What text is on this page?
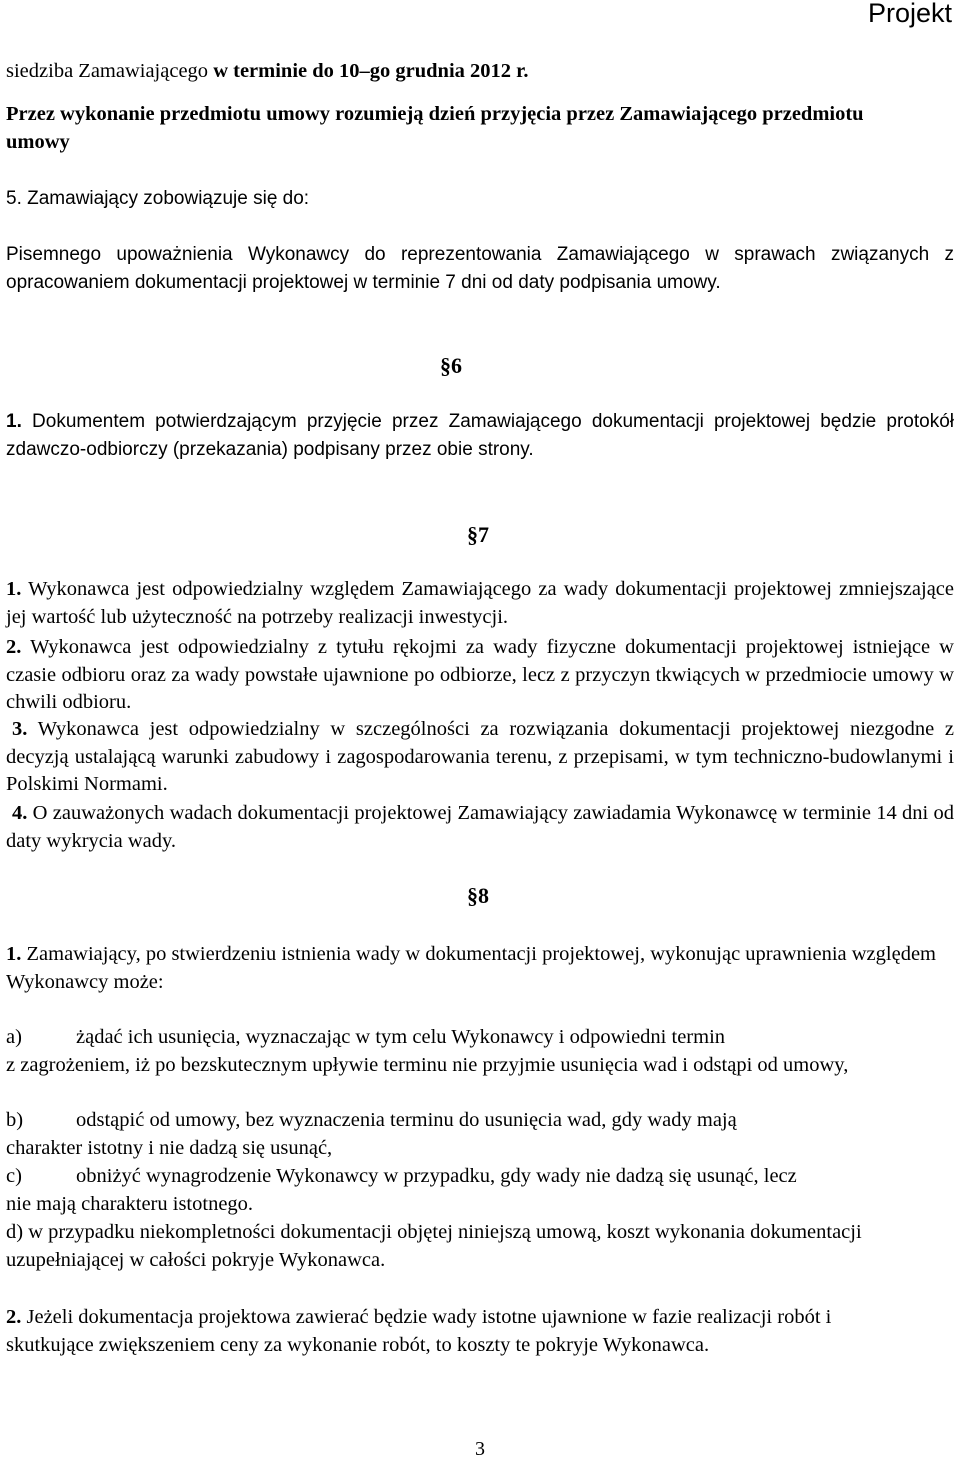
Projekt

siedziba Zamawiającego w terminie do 10–go grudnia 2012 r.

Przez wykonanie przedmiotu umowy rozumieją dzień przyjęcia przez Zamawiającego przedmiotu umowy

5. Zamawiający zobowiązuje się do:

Pisemnego upoważnienia Wykonawcy do reprezentowania Zamawiającego w sprawach związanych z opracowaniem dokumentacji projektowej w terminie 7 dni od daty podpisania umowy.

§6

1. Dokumentem potwierdzającym przyjęcie przez Zamawiającego dokumentacji projektowej będzie protokół zdawczo-odbiorczy (przekazania) podpisany przez obie strony.

§7

1. Wykonawca jest odpowiedzialny względem Zamawiającego za wady dokumentacji projektowej zmniejszające jej wartość lub użyteczność na potrzeby realizacji inwestycji.

2. Wykonawca jest odpowiedzialny z tytułu rękojmi za wady fizyczne dokumentacji projektowej istniejące w czasie odbioru oraz za wady powstałe ujawnione po odbiorze, lecz z przyczyn tkwiących w przedmiocie umowy w chwili odbioru.

3. Wykonawca jest odpowiedzialny w szczególności za rozwiązania dokumentacji projektowej niezgodne z decyzją ustalającą warunki zabudowy i zagospodarowania terenu, z przepisami, w tym techniczno-budowlanymi i Polskimi Normami.

4. O zauważonych wadach dokumentacji projektowej Zamawiający zawiadamia Wykonawcę w terminie 14 dni od daty wykrycia wady.

§8

1. Zamawiający, po stwierdzeniu istnienia wady w dokumentacji projektowej, wykonując uprawnienia względem Wykonawcy może:

a)	żądać ich usunięcia, wyznaczając w tym celu Wykonawcy i odpowiedni termin
z zagrożeniem, iż po bezskutecznym upływie terminu nie przyjmie usunięcia wad i odstąpi od umowy,
b)	odstąpić od umowy, bez wyznaczenia terminu do usunięcia wad, gdy wady mają
charakter istotny i nie dadzą się usunąć,
c)	obniżyć wynagrodzenie Wykonawcy w przypadku, gdy wady nie dadzą się usunąć, lecz
nie mają charakteru istotnego.

d) w przypadku niekompletności dokumentacji objętej niniejszą umową, koszt wykonania dokumentacji uzupełniającej w całości pokryje Wykonawca.

2. Jeżeli dokumentacja projektowa zawierać będzie wady istotne ujawnione w fazie realizacji robót i skutkujące zwiększeniem ceny za wykonanie robót, to koszty te pokryje Wykonawca.

3
